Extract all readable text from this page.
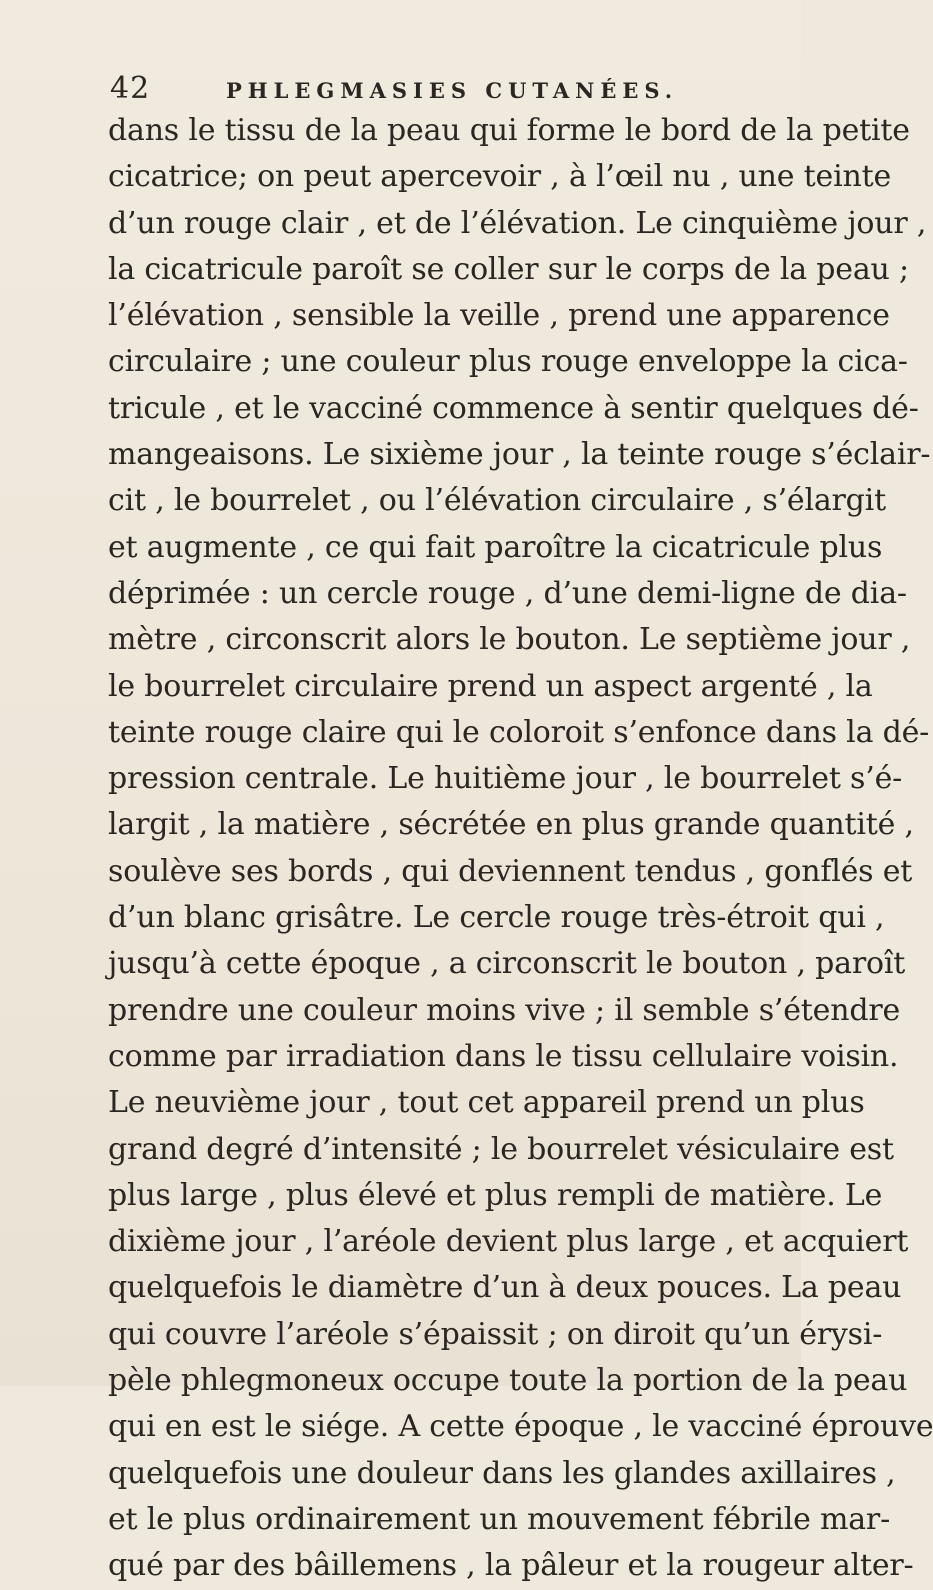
42	PHLEGMASIES CUTANÉES.
dans le tissu de la peau qui forme le bord de la petite
cicatrice; on peut apercevoir , à l’œil nu , une teinte
d’un rouge clair , et de l’élévation. Le cinquième jour ,
la cicatricule paroît se coller sur le corps de la peau ;
l’élévation , sensible la veille , prend une apparence
circulaire ; une couleur plus rouge enveloppe la cica-
tricule , et le vacciné commence à sentir quelques dé-
mangeaisons. Le sixième jour , la teinte rouge s’éclair-
cit , le bourrelet , ou l’élévation circulaire , s’élargit
et augmente , ce qui fait paroître la cicatricule plus
déprimée : un cercle rouge , d’une demi-ligne de dia-
mètre , circonscrit alors le bouton. Le septième jour ,
le bourrelet circulaire prend un aspect argenté , la
teinte rouge claire qui le coloroit s’enfonce dans la dé-
pression centrale. Le huitième jour , le bourrelet s’é-
largit , la matière , sécrétée en plus grande quantité ,
soulève ses bords , qui deviennent tendus , gonflés et
d’un blanc grisâtre. Le cercle rouge très-étroit qui ,
jusqu’à cette époque , a circonscrit le bouton , paroît
prendre une couleur moins vive ; il semble s’étendre
comme par irradiation dans le tissu cellulaire voisin.
Le neuvième jour , tout cet appareil prend un plus
grand degré d’intensité ; le bourrelet vésiculaire est
plus large , plus élevé et plus rempli de matière. Le
dixième jour , l’aréole devient plus large , et acquiert
quelquefois le diamètre d’un à deux pouces. La peau
qui couvre l’aréole s’épaissit ; on diroit qu’un érysi-
pèle phlegmoneux occupe toute la portion de la peau
qui en est le siége. A cette époque , le vacciné éprouve
quelquefois une douleur dans les glandes axillaires ,
et le plus ordinairement un mouvement fébrile mar-
qué par des bâillemens , la pâleur et la rougeur alter-
